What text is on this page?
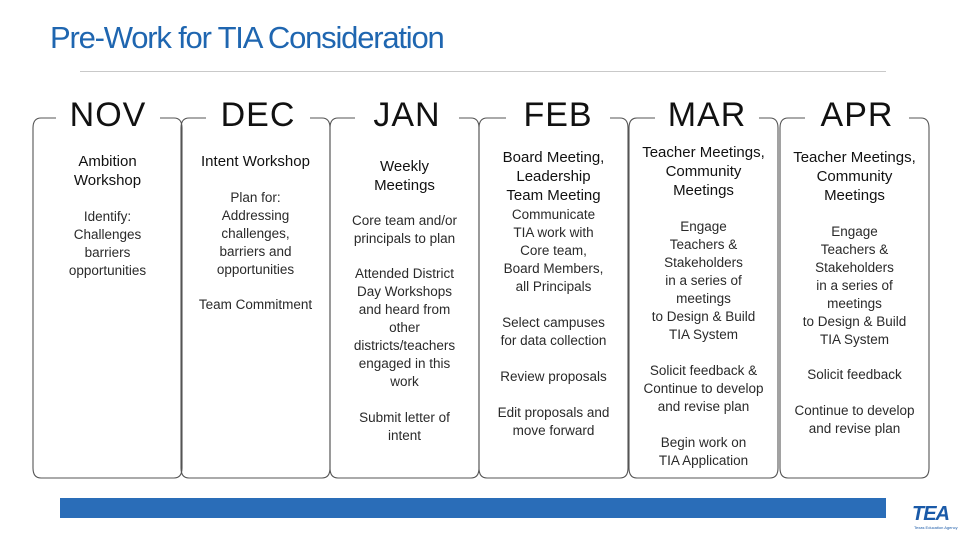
Pre-Work for TIA Consideration
NOV
Ambition
Workshop
Identify:
Challenges
barriers
opportunities
DEC
Intent Workshop
Plan for:
Addressing
challenges,
barriers and
opportunities
Team Commitment
JAN
Weekly
Meetings
Core team and/or
principals to plan
Attended District
Day Workshops
and heard from
other
districts/teachers
engaged in this
work
Submit letter of
intent
FEB
Board Meeting,
Leadership
Team Meeting
Communicate
TIA work with
Core team,
Board Members,
all Principals
Select campuses
for data collection
Review proposals
Edit proposals and
move forward
MAR
Teacher Meetings,
Community
Meetings
Engage
Teachers &
Stakeholders
in a series of
meetings
to Design & Build
TIA System
Solicit feedback &
Continue to develop
and revise plan
Begin work on
TIA Application
APR
Teacher Meetings,
Community
Meetings
Engage
Teachers &
Stakeholders
in a series of
meetings
to Design & Build
TIA System
Solicit feedback
Continue to develop
and revise plan
TEA
Texas Education Agency
